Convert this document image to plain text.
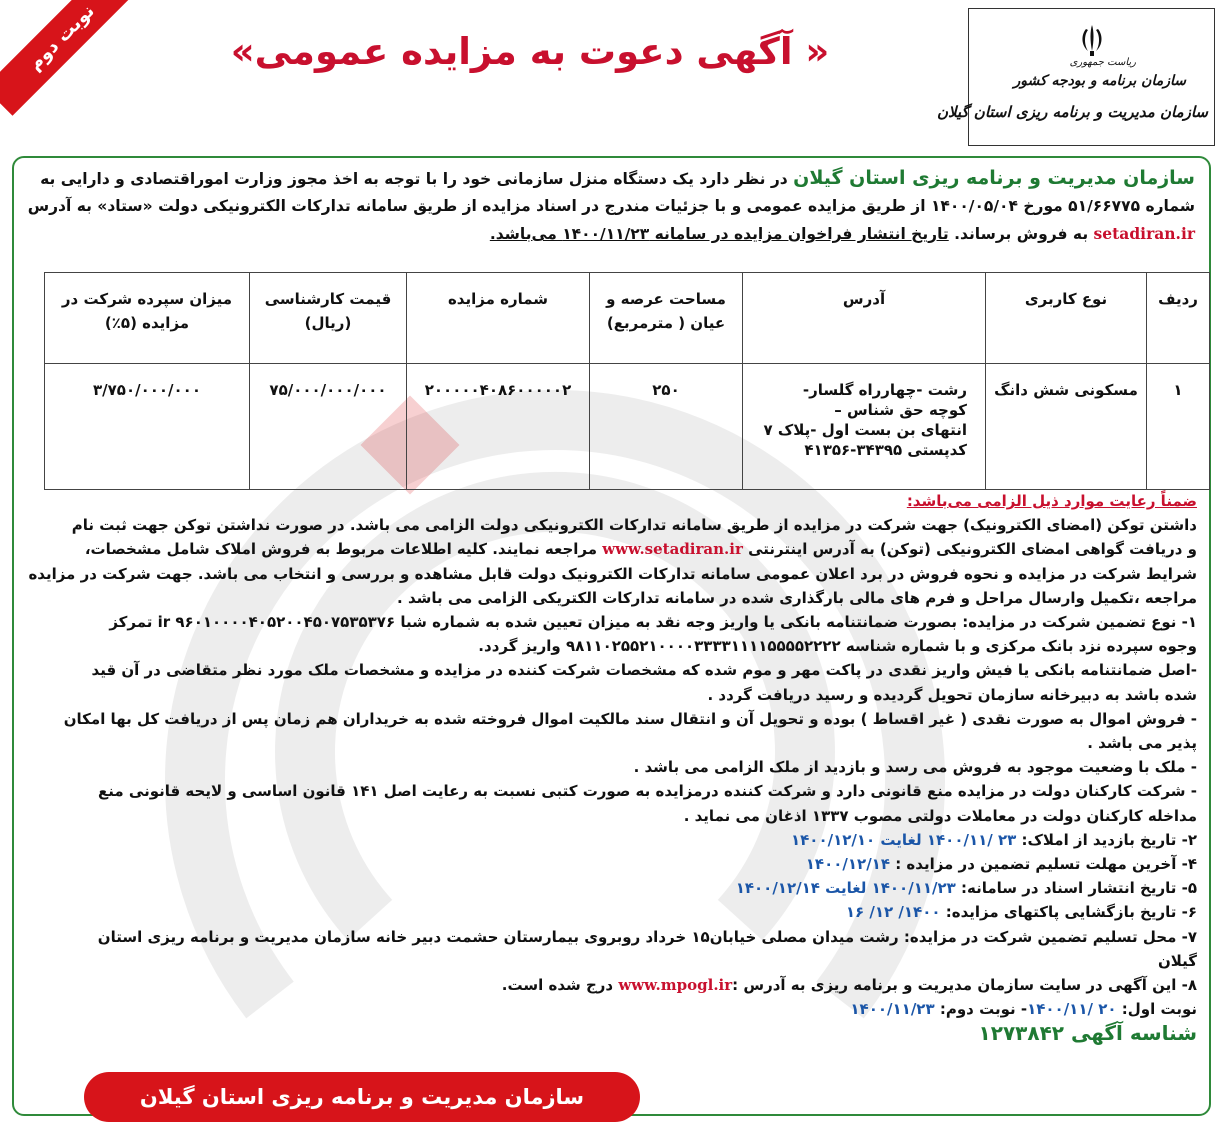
نوبت دوم	ریاست جمهوری
سازمان برنامه و بودجه کشور
سازمان مدیریت و برنامه ریزی استان گیلان
« آگهی دعوت به مزایده عمومی»
سازمان مدیریت و برنامه ریزی استان گیلان در نظر دارد یک دستگاه منزل سازمانی خود را با توجه به اخذ مجوز وزارت اموراقتصادی و دارایی به
شماره ۵۱/۶۶۷۷۵ مورخ ۱۴۰۰/۰۵/۰۴ از طریق مزایده عمومی و با جزئیات مندرج در اسناد مزایده از طریق سامانه تدارکات الکترونیکی دولت «ستاد» به آدرس
setadiran.ir به فروش برساند. تاریخ انتشار فراخوان مزایده در سامانه ۱۴۰۰/۱۱/۲۳ می‌باشد.
ردیف	نوع کاربری	آدرس	مساحت عرصه و عیان ( مترمربع)	شماره مزایده	قیمت کارشناسی (ریال)	میزان سپرده شرکت در مزایده (۵٪)
۱	مسکونی شش دانگ	رشت -چهارراه گلسار-
کوچه حق شناس –
انتهای بن بست اول -پلاک ۷
کدپستی ۳۴۳۹۵-۴۱۳۵۶	۲۵۰	۲۰۰۰۰۰۴۰۸۶۰۰۰۰۰۲	۷۵/۰۰۰/۰۰۰/۰۰۰	۳/۷۵۰/۰۰۰/۰۰۰
ضمناً رعایت موارد ذیل الزامی می‌باشد:
داشتن توکن (امضای الکترونیک) جهت شرکت در مزایده از طریق سامانه تدارکات الکترونیکی دولت الزامی می باشد. در صورت نداشتن توکن جهت ثبت نام
و دریافت گواهی امضای الکترونیکی (توکن) به آدرس اینترنتی www.setadiran.ir مراجعه نمایند. کلیه اطلاعات مربوط به فروش املاک شامل مشخصات،
شرایط شرکت در مزایده و نحوه فروش در برد اعلان عمومی سامانه تدارکات الکترونیک دولت قابل مشاهده و بررسی و انتخاب می باشد. جهت شرکت در مزایده
مراجعه ،تکمیل وارسال مراحل و فرم های مالی بارگذاری شده در سامانه تدارکات الکتریکی الزامی می باشد .
۱- نوع تضمین شرکت در مزایده: بصورت ضمانتنامه بانکی یا واریز وجه نقد به میزان تعیین شده به شماره شبا ir ۹۶۰۱۰۰۰۰۴۰۵۲۰۰۴۵۰۷۵۳۵۳۷۶ تمرکز
وجوه سپرده نزد بانک مرکزی و با شماره شناسه ۹۸۱۱۰۲۵۵۲۱۰۰۰۰۳۳۳۳۱۱۱۱۵۵۵۵۲۲۲۲ واریز گردد.
-اصل ضمانتنامه بانکی یا فیش واریز نقدی در پاکت مهر و موم شده که مشخصات شرکت کننده در مزایده و مشخصات ملک مورد نظر متقاضی در آن قید
شده باشد به دبیرخانه سازمان تحویل گردیده و رسید دریافت گردد .
- فروش اموال به صورت نقدی ( غیر اقساط ) بوده و تحویل آن و انتقال سند مالکیت اموال فروخته شده به خریداران هم زمان پس از دریافت کل بها امکان
پذیر می باشد .
- ملک با وضعیت موجود به فروش می رسد و بازدید از ملک الزامی می باشد .
- شرکت کارکنان دولت در مزایده منع قانونی دارد و شرکت کننده درمزایده به صورت کتبی نسبت به رعایت اصل ۱۴۱ قانون اساسی و لایحه قانونی منع
مداخله کارکنان دولت در معاملات دولتی مصوب ۱۳۳۷ اذغان می نماید .
۲- تاریخ بازدید از املاک: ۲۳ /۱۴۰۰/۱۱ لغایت ۱۴۰۰/۱۲/۱۰
۴- آخرین مهلت تسلیم تضمین در مزایده : ۱۴۰۰/۱۲/۱۴
۵- تاریخ انتشار اسناد در سامانه: ۱۴۰۰/۱۱/۲۳ لغایت ۱۴۰۰/۱۲/۱۴
۶- تاریخ بازگشایی پاکتهای مزایده: ۱۴۰۰/ ۱۲/ ۱۶
۷- محل تسلیم تضمین شرکت در مزایده: رشت میدان مصلی خیابان۱۵ خرداد روبروی بیمارستان حشمت دبیر خانه سازمان مدیریت و برنامه ریزی استان
گیلان
۸- این آگهی در سایت سازمان مدیریت و برنامه ریزی به آدرس :www.mpogl.ir درج شده است.
نوبت اول: ۲۰ /۱۴۰۰/۱۱- نوبت دوم: ۱۴۰۰/۱۱/۲۳
شناسه آگهی ۱۲۷۳۸۴۲
سازمان مدیریت و برنامه ریزی استان گیلان
